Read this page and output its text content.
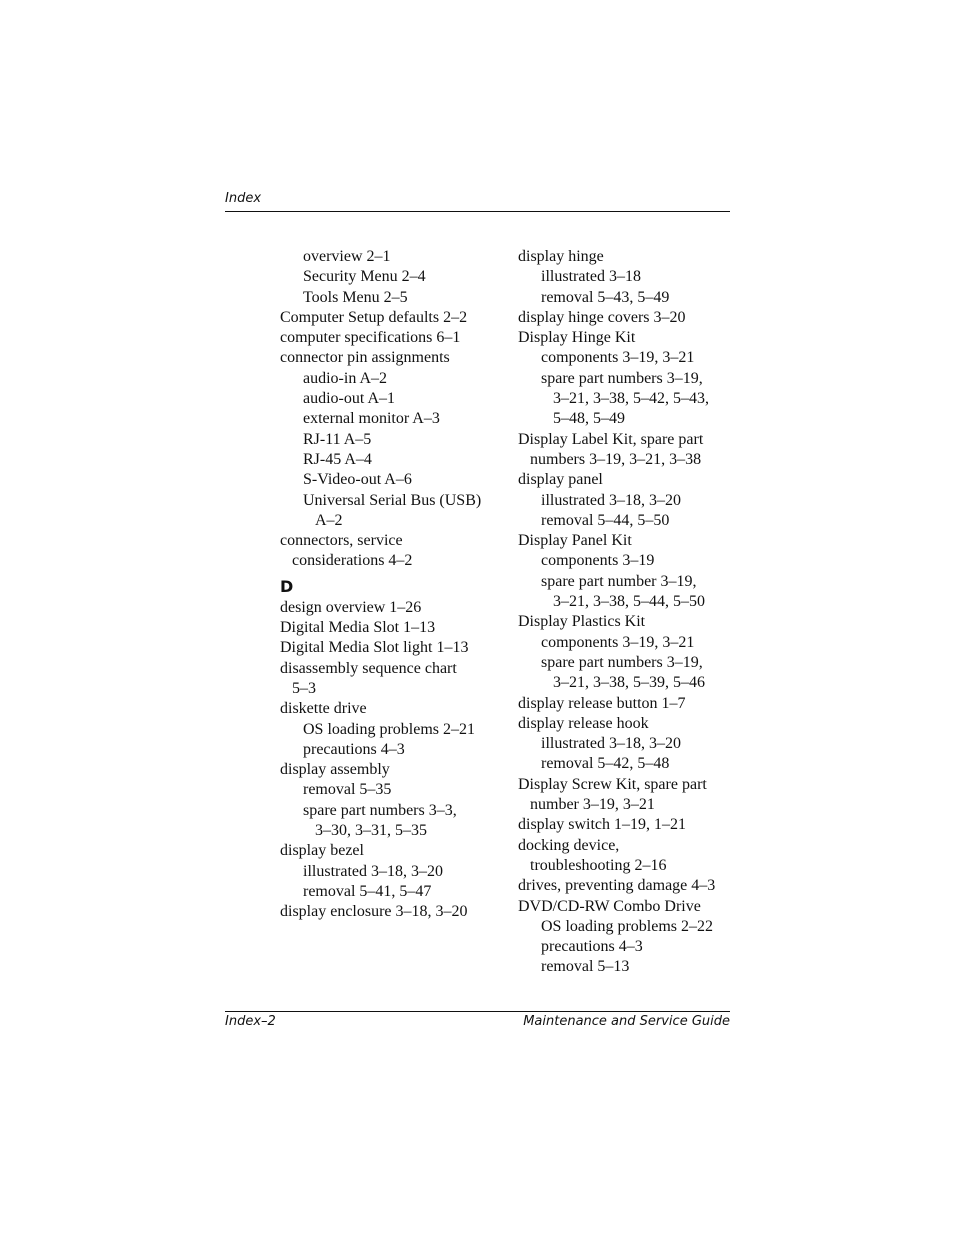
Index
overview 2–1
Security Menu 2–4
Tools Menu 2–5
Computer Setup defaults 2–2
computer specifications 6–1
connector pin assignments
audio-in A–2
audio-out A–1
external monitor A–3
RJ-11 A–5
RJ-45 A–4
S-Video-out A–6
Universal Serial Bus (USB)
A–2
connectors, service
considerations 4–2
D
design overview 1–26
Digital Media Slot 1–13
Digital Media Slot light 1–13
disassembly sequence chart
5–3
diskette drive
OS loading problems 2–21
precautions 4–3
display assembly
removal 5–35
spare part numbers 3–3,
3–30, 3–31, 5–35
display bezel
illustrated 3–18, 3–20
removal 5–41, 5–47
display enclosure 3–18, 3–20
display hinge
illustrated 3–18
removal 5–43, 5–49
display hinge covers 3–20
Display Hinge Kit
components 3–19, 3–21
spare part numbers 3–19,
3–21, 3–38, 5–42, 5–43,
5–48, 5–49
Display Label Kit, spare part
numbers 3–19, 3–21, 3–38
display panel
illustrated 3–18, 3–20
removal 5–44, 5–50
Display Panel Kit
components 3–19
spare part number 3–19,
3–21, 3–38, 5–44, 5–50
Display Plastics Kit
components 3–19, 3–21
spare part numbers 3–19,
3–21, 3–38, 5–39, 5–46
display release button 1–7
display release hook
illustrated 3–18, 3–20
removal 5–42, 5–48
Display Screw Kit, spare part
number 3–19, 3–21
display switch 1–19, 1–21
docking device,
troubleshooting 2–16
drives, preventing damage 4–3
DVD/CD-RW Combo Drive
OS loading problems 2–22
precautions 4–3
removal 5–13
Index–2	Maintenance and Service Guide
